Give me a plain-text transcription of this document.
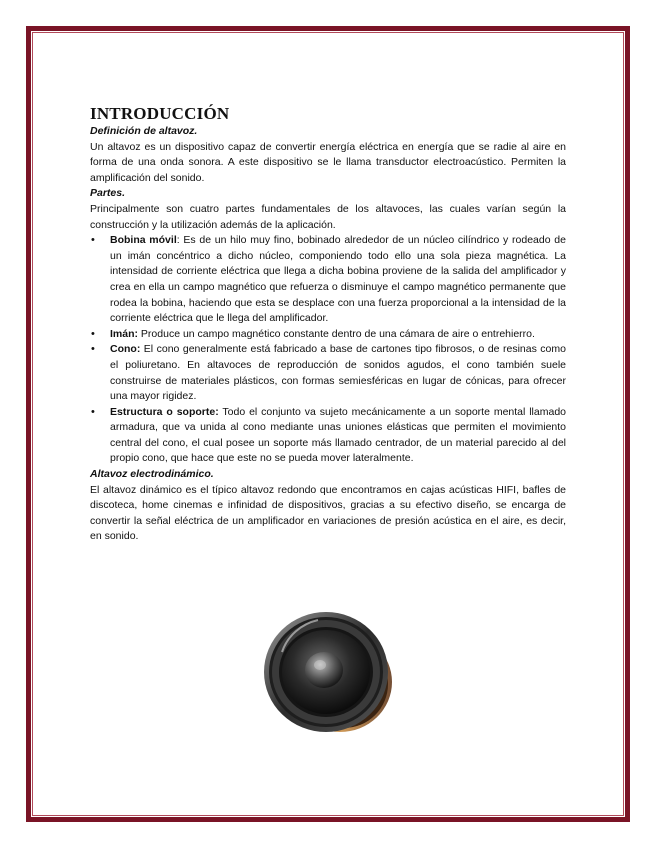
INTRODUCCIÓN
Definición de altavoz.

Un altavoz es un dispositivo capaz de convertir energía eléctrica en energía que se radie al aire en forma de una onda sonora. A este dispositivo se le llama transductor electroacústico. Permiten la amplificación del sonido.

Partes.

Principalmente son cuatro partes fundamentales de los altavoces, las cuales varían según la construcción y la utilización además de la aplicación.

• Bobina móvil: Es de un hilo muy fino, bobinado alrededor de un núcleo cilíndrico y rodeado de un imán concéntrico a dicho núcleo, componiendo todo ello una sola pieza magnética. La intensidad de corriente eléctrica que llega a dicha bobina proviene de la salida del amplificador y crea en ella un campo magnético que refuerza o disminuye el campo magnético permanente que rodea la bobina, haciendo que esta se desplace con una fuerza proporcional a la intensidad de la corriente eléctrica que le llega del amplificador.
• Imán: Produce un campo magnético constante dentro de una cámara de aire o entrehierro.
• Cono: El cono generalmente está fabricado a base de cartones tipo fibrosos, o de resinas como el poliuretano. En altavoces de reproducción de sonidos agudos, el cono también suele construirse de materiales plásticos, con formas semiesféricas en lugar de cónicas, para ofrecer una mayor rigidez.
• Estructura o soporte: Todo el conjunto va sujeto mecánicamente a un soporte mental llamado armadura, que va unida al cono mediante unas uniones elásticas que permiten el movimiento central del cono, el cual posee un soporte más llamado centrador, de un material parecido al del propio cono, que hace que este no se pueda mover lateralmente.
Altavoz electrodinámico.

El altavoz dinámico es el típico altavoz redondo que encontramos en cajas acústicas HIFI, bafles de discoteca, home cinemas e infinidad de dispositivos, gracias a su efectivo diseño, se encarga de convertir la señal eléctrica de un amplificador en variaciones de presión acústica en el aire, es decir, en sonido.
